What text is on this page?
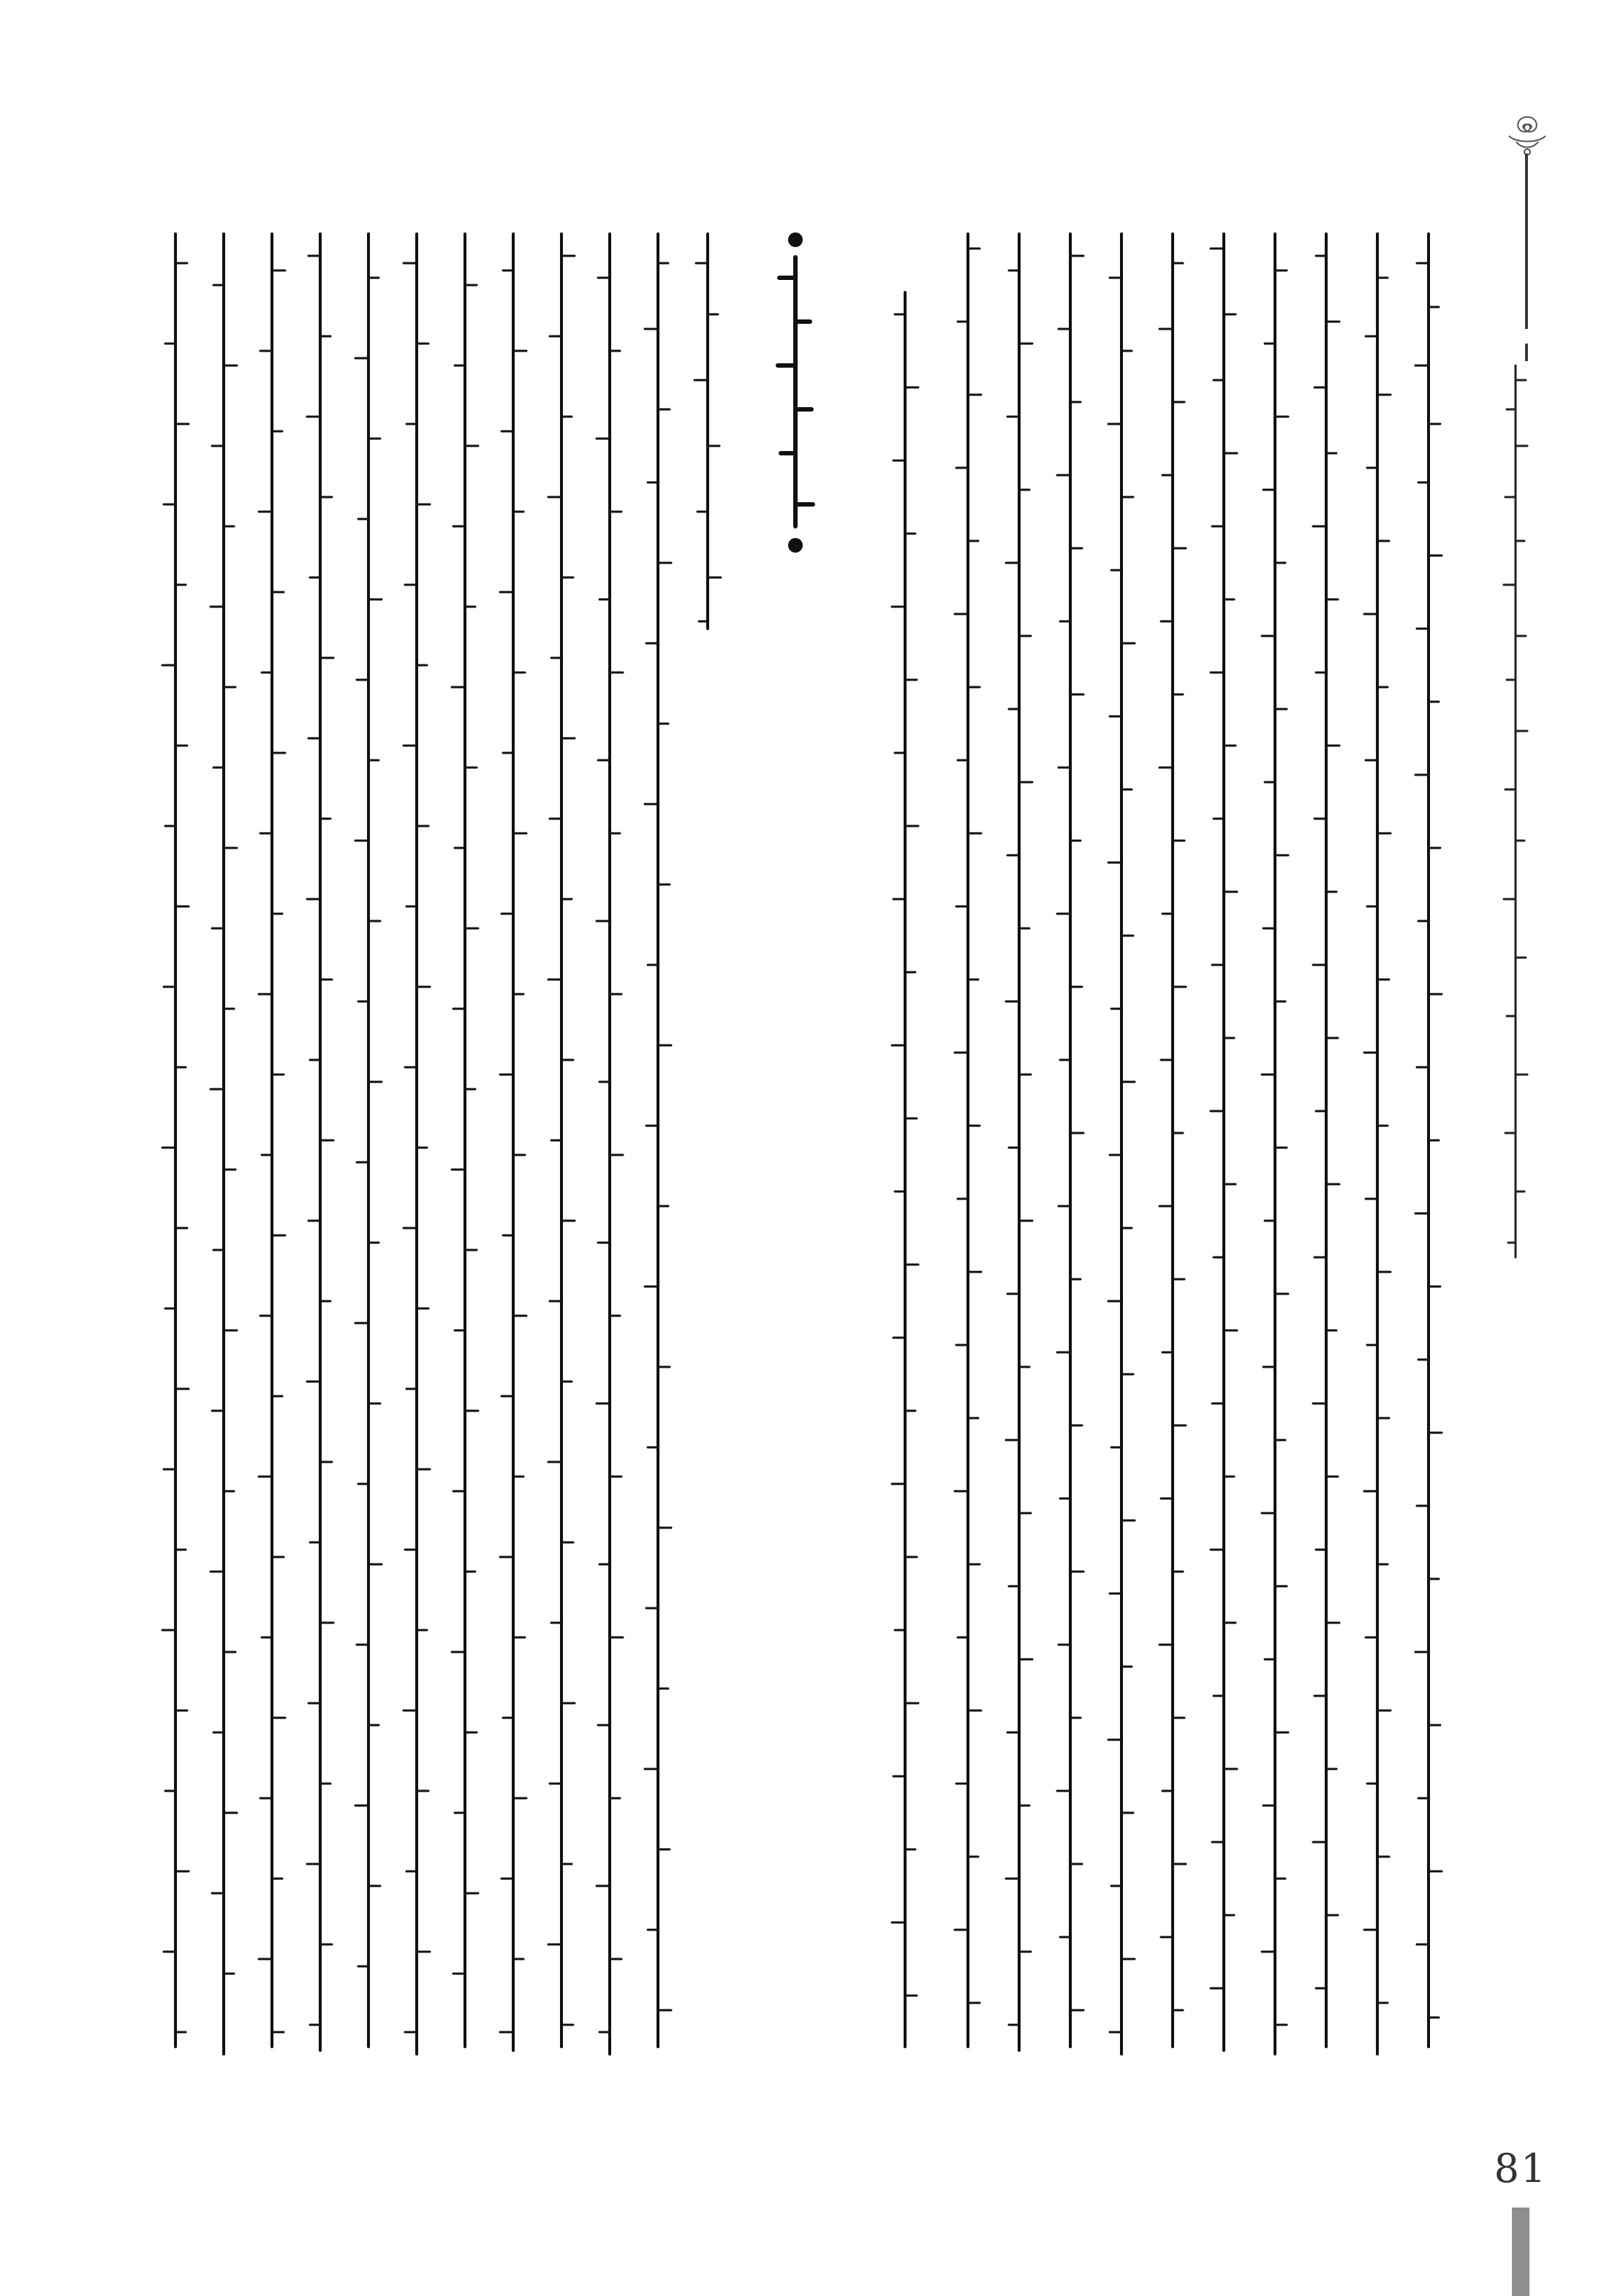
81
